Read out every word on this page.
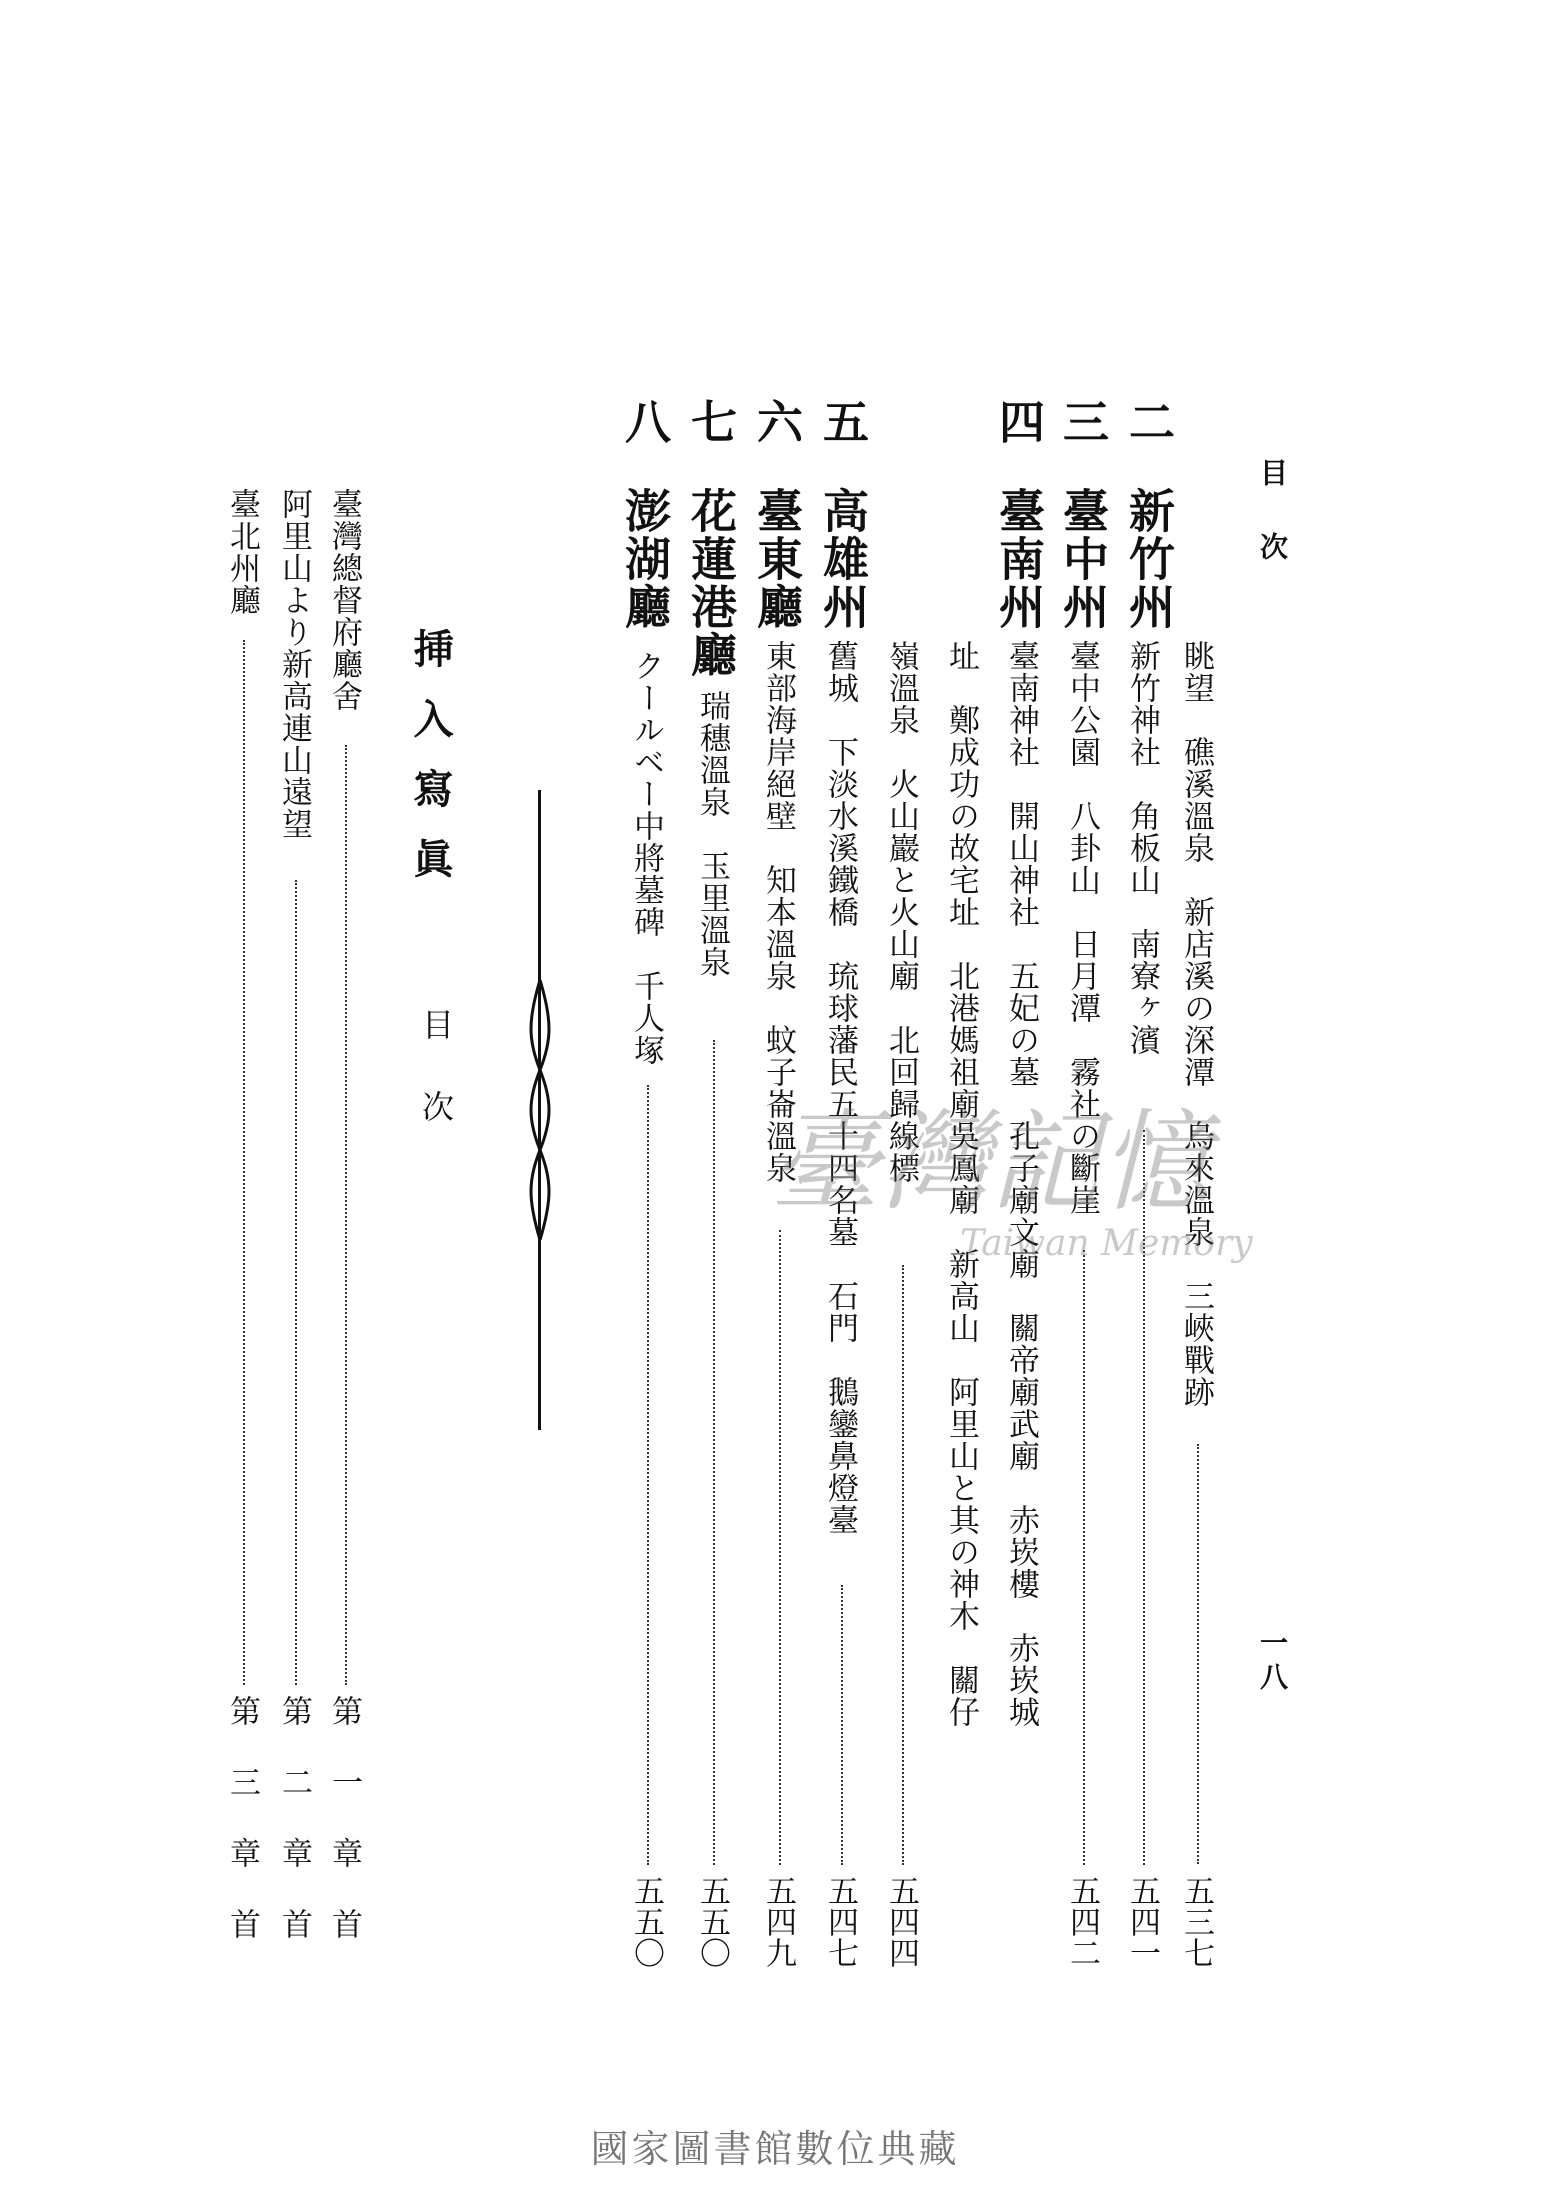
目次
一八
眺望　礁溪溫泉　新店溪の深潭　烏來溫泉　三峽戰跡
五三七
二
新竹州
新竹神社　角板山　南寮ヶ濱
五四一
三
臺中州
臺中公園　八卦山　日月潭　霧社の斷崖
五四二
四
臺南州
臺南神社　開山神社　五妃の墓　孔子廟文廟　關帝廟武廟　赤崁樓　赤崁城
址　鄭成功の故宅址　北港媽祖廟吳鳳廟　新高山　阿里山と其の神木　關仔
嶺溫泉　火山巖と火山廟　北回歸線標
五四四
五
高雄州
舊城　下淡水溪鐵橋　琉球藩民五十四名墓　石門　鵝鑾鼻燈臺
五四七
六
臺東廳
東部海岸絕壁　知本溫泉　蚊子崙溫泉
五四九
七
花蓮港廳
瑞穗溫泉　玉里溫泉
五五〇
八
澎湖廳
クールベー中將墓碑　千人塚
五五〇
挿入寫眞
目次
臺灣總督府廳舍
第一章首
阿里山より新高連山遠望
第二章首
臺北州廳
第三章首
臺灣記憶
Taiwan Memory
國家圖書館數位典藏
